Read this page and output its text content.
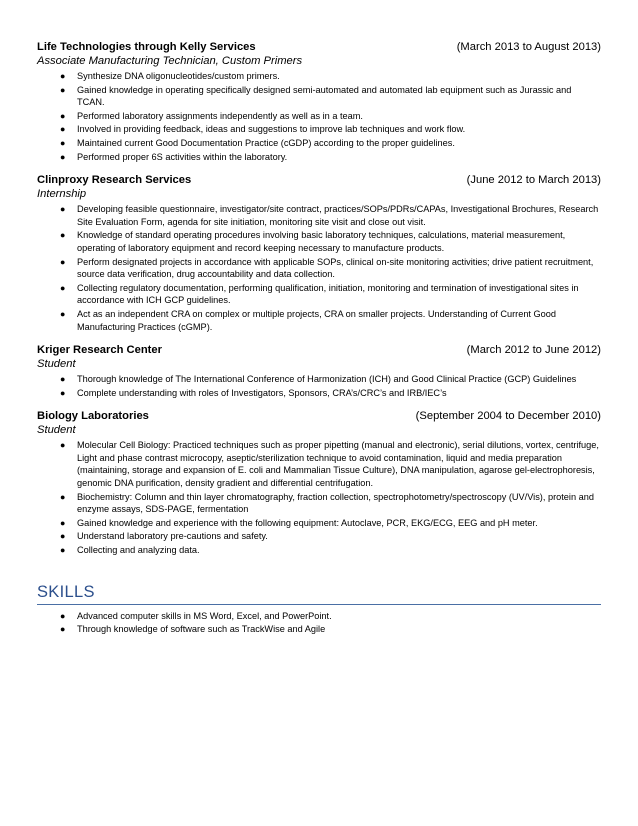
Life Technologies through Kelly Services	(March 2013 to August 2013)
Associate Manufacturing Technician, Custom Primers
● Synthesize DNA oligonucleotides/custom primers.
● Gained knowledge in operating specifically designed semi-automated and automated lab equipment such as Jurassic and TCAN.
● Performed laboratory assignments independently as well as in a team.
● Involved in providing feedback, ideas and suggestions to improve lab techniques and work flow.
● Maintained current Good Documentation Practice (cGDP) according to the proper guidelines.
● Performed proper 6S activities within the laboratory.
Clinproxy Research Services	(June 2012 to March 2013)
Internship
● Developing feasible questionnaire, investigator/site contract, practices/SOPs/PDRs/CAPAs, Investigational Brochures, Research Site Evaluation Form, agenda for site initiation, monitoring site visit and close out visit.
● Knowledge of standard operating procedures involving basic laboratory techniques, calculations, material measurement, operating of laboratory equipment and record keeping necessary to manufacture products.
● Perform designated projects in accordance with applicable SOPs, clinical on-site monitoring activities; drive patient recruitment, source data verification, drug accountability and data collection.
● Collecting regulatory documentation, performing qualification, initiation, monitoring and termination of investigational sites in accordance with ICH GCP guidelines.
● Act as an independent CRA on complex or multiple projects, CRA on smaller projects. Understanding of Current Good Manufacturing Practices (cGMP).
Kriger Research Center	(March 2012 to June 2012)
Student
● Thorough knowledge of The International Conference of Harmonization (ICH) and Good Clinical Practice (GCP) Guidelines
● Complete understanding with roles of Investigators, Sponsors, CRA’s/CRC’s and IRB/IEC’s
Biology Laboratories	(September 2004 to December 2010)
Student
● Molecular Cell Biology: Practiced techniques such as proper pipetting (manual and electronic), serial dilutions, vortex, centrifuge, Light and phase contrast microcopy, aseptic/sterilization technique to avoid contamination, liquid and media preparation (maintaining, storage and expansion of E. coli and Mammalian Tissue Culture), DNA manipulation, agarose gel-electrophoresis, genomic DNA purification, density gradient and differential centrifugation.
● Biochemistry: Column and thin layer chromatography, fraction collection, spectrophotometry/spectroscopy (UV/Vis), protein and enzyme assays, SDS-PAGE, fermentation
● Gained knowledge and experience with the following equipment: Autoclave, PCR, EKG/ECG, EEG and pH meter.
● Understand laboratory pre-cautions and safety.
● Collecting and analyzing data.
SKILLS
● Advanced computer skills in MS Word, Excel, and PowerPoint.
● Through knowledge of software such as TrackWise and Agile
